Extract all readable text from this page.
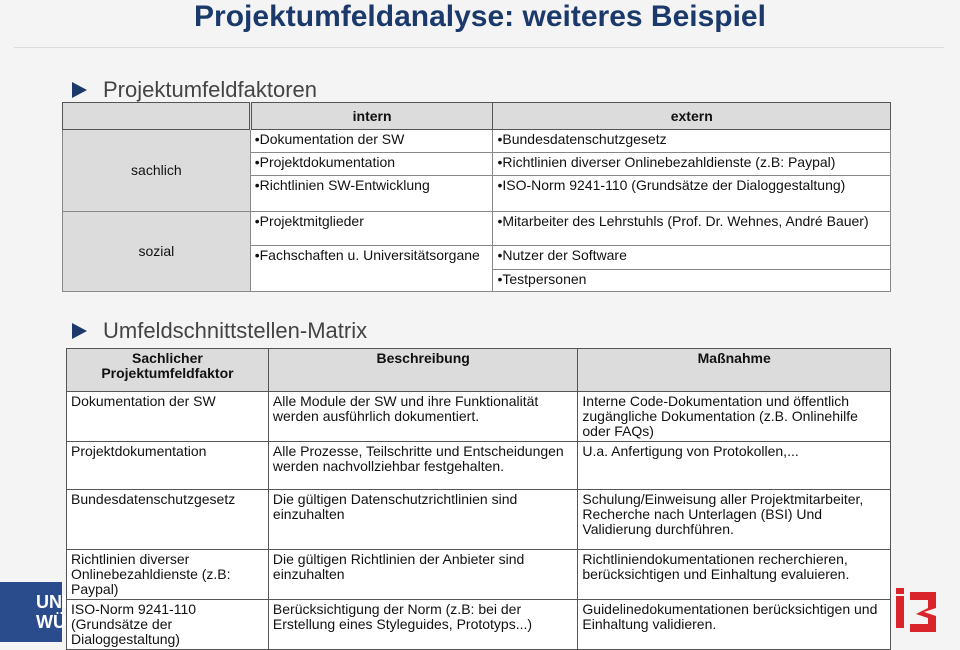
Projektumfeldanalyse: weiteres Beispiel
Projektumfeldfaktoren
	intern	extern
sachlich	•Dokumentation der SW	•Bundesdatenschutzgesetz
	•Projektdokumentation	•Richtlinien diverser Onlinebezahldienste (z.B: Paypal)
	•Richtlinien SW-Entwicklung	•ISO-Norm 9241-110 (Grundsätze der Dialoggestaltung)
sozial	•Projektmitglieder	•Mitarbeiter des Lehrstuhls (Prof. Dr. Wehnes, André Bauer)
	•Fachschaften u. Universitätsorgane	•Nutzer der Software
		•Testpersonen
Umfeldschnittstellen-Matrix
Sachlicher Projektumfeldfaktor	Beschreibung	Maßnahme
Dokumentation der SW	Alle Module der SW und ihre Funktionalität werden ausführlich dokumentiert.	Interne Code-Dokumentation und öffentlich zugängliche Dokumentation (z.B. Onlinehilfe oder FAQs)
Projektdokumentation	Alle Prozesse, Teilschritte und Entscheidungen werden nachvollziehbar festgehalten.	U.a. Anfertigung von Protokollen,...
Bundesdatenschutzgesetz	Die gültigen Datenschutzrichtlinien sind einzuhalten	Schulung/Einweisung aller Projektmitarbeiter, Recherche nach Unterlagen (BSI) Und Validierung durchführen.
Richtlinien diverser Onlinebezahldienste (z.B: Paypal)	Die gültigen Richtlinien der Anbieter sind einzuhalten	Richtliniendokumentationen recherchieren, berücksichtigen und Einhaltung evaluieren.
ISO-Norm 9241-110 (Grundsätze der Dialoggestaltung)	Berücksichtigung der Norm (z.B: bei der Erstellung eines Styleguides, Prototyps...)	Guidelinedokumentationen berücksichtigen und Einhaltung validieren.
UNI WÜ
